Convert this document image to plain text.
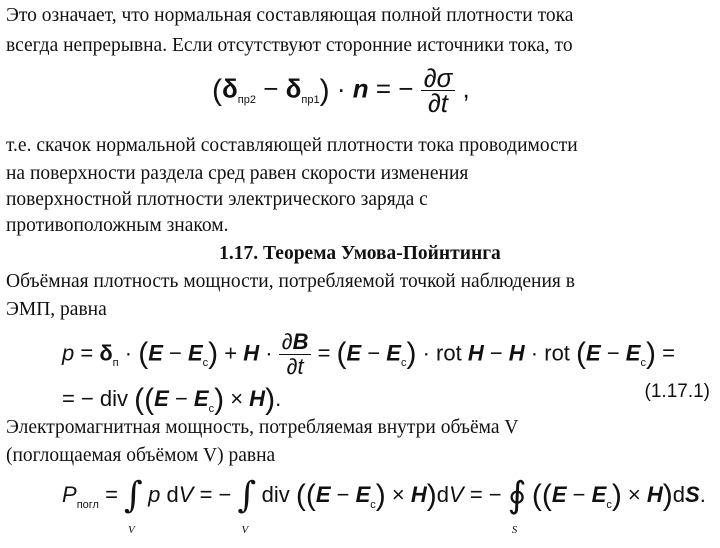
Это означает, что нормальная составляющая полной плотности тока

всегда непрерывна. Если отсутствуют сторонние источники тока, то

$(\delta_{пр2} - \delta_{пр1}) \cdot n$ = − $\frac{\partial\sigma}{\partial t}$ ,

т.е. скачок нормальной составляющей плотности тока проводимости

на поверхности раздела сред равен скорости изменения

поверхностной плотности электрического заряда с

противоположным знаком.

1.17. Теорема Умова-Пойнтинга

Объёмная плотность мощности, потребляемой точкой наблюдения в

ЭМП, равна

$p = \delta_п \cdot (E - E_с) + H \cdot \frac{\partial B}{\partial t} = (E - E_с)$ · rot H − H · rot $(E - E_с)$ =
= − div $((E - E_с) \times H)$.	(1.17.1)

Электромагнитная мощность, потребляемая внутри объёма V

(поглощаемая объёмом V) равна

$P_{погл}$ = ∫
V
p dV = − ∫
V
div $((E - E_с) \times H)dV$ = − ∮
S
$((E - E_с) \times H)dS$.
